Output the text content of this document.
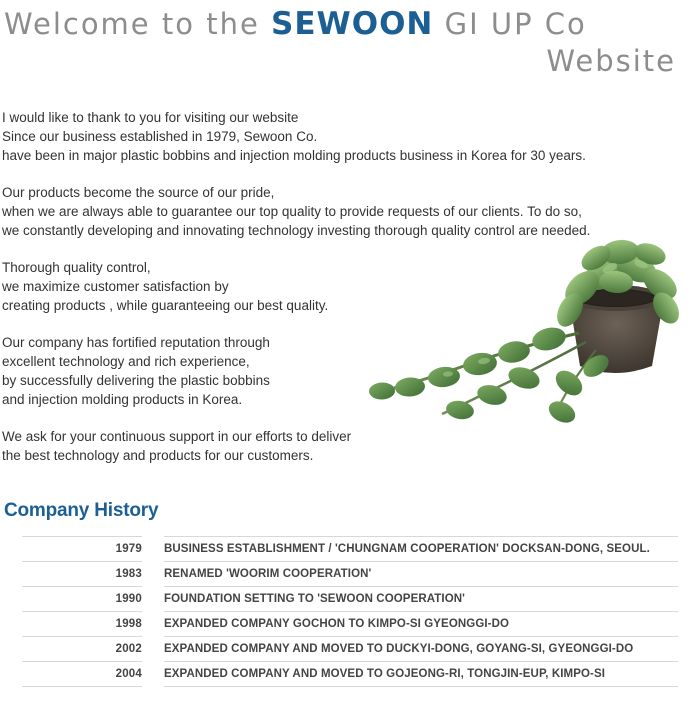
Welcome to the SEWOON GI UP Co
Website
I would like to thank to you for visiting our website
Since our business established in 1979, Sewoon Co.
have been in major plastic bobbins and injection molding products business in Korea for 30 years.
Our products become the source of our pride,
when we are always able to guarantee our top quality to provide requests of our clients. To do so,
we constantly developing and innovating technology investing thorough quality control are needed.
Thorough quality control,
we maximize customer satisfaction by
creating products , while guaranteeing our best quality.
Our company has fortified reputation through
excellent technology and rich experience,
by successfully delivering the plastic bobbins
and injection molding products in Korea.
We ask for your continuous support in our efforts to deliver
the best technology and products for our customers.
Company History
1979		BUSINESS ESTABLISHMENT / 'CHUNGNAM COOPERATION' DOCKSAN-DONG, SEOUL.
1983		RENAMED 'WOORIM COOPERATION'
1990		FOUNDATION SETTING TO 'SEWOON COOPERATION'
1998		EXPANDED COMPANY GOCHON TO KIMPO-SI GYEONGGI-DO
2002		EXPANDED COMPANY AND MOVED TO DUCKYI-DONG, GOYANG-SI, GYEONGGI-DO
2004		EXPANDED COMPANY AND MOVED TO GOJEONG-RI, TONGJIN-EUP, KIMPO-SI
